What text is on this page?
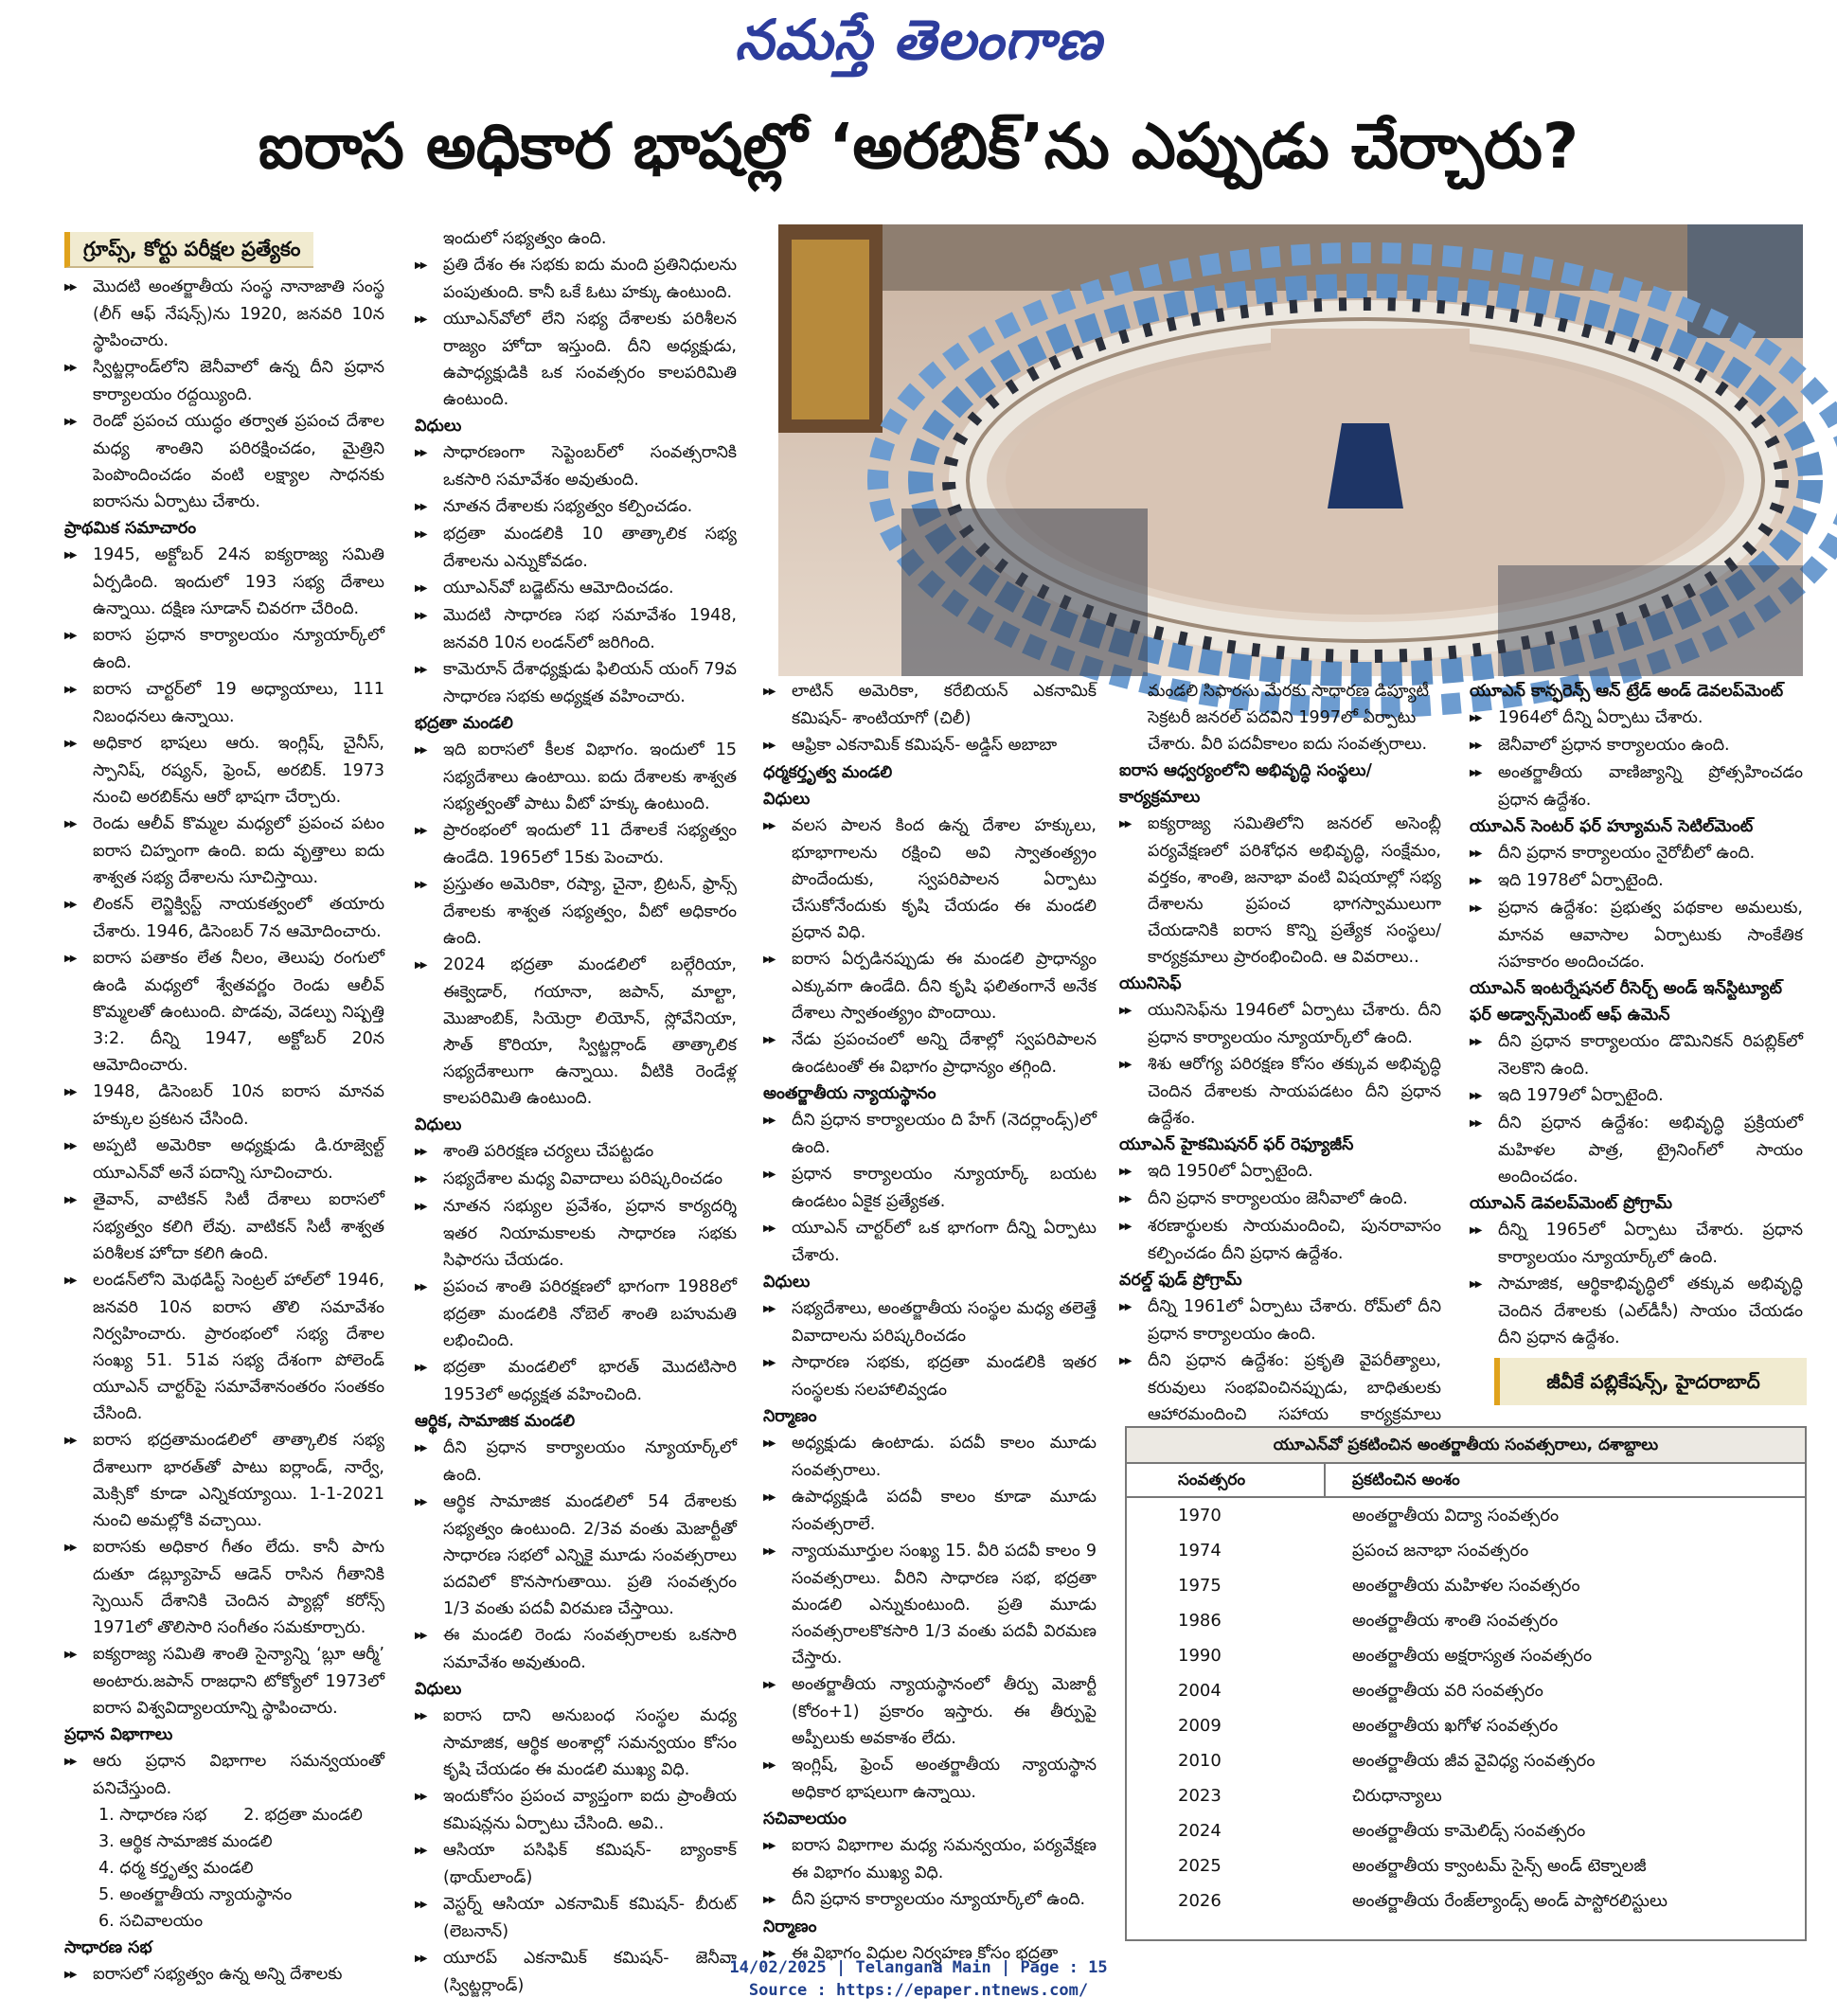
నమస్తే తెలంగాణ
ఐరాస అధికార భాషల్లో ‘అరబిక్’ను ఎప్పుడు చేర్చారు?
గ్రూప్స్, కోర్టు పరీక్షల ప్రత్యేకం

▶▶ మొదటి అంతర్జాతీయ సంస్థ నానాజాతి సంస్థ (లీగ్ ఆఫ్ నేషన్స్)ను 1920, జనవరి 10న స్థాపించారు.

▶▶ స్విట్జర్లాండ్‌లోని జెనీవాలో ఉన్న దీని ప్రధాన కార్యాలయం రద్దయ్యింది.

▶▶ రెండో ప్రపంచ యుద్ధం తర్వాత ప్రపంచ దేశాల మధ్య శాంతిని పరిరక్షించడం, మైత్రిని పెంపొందించడం వంటి లక్ష్యాల సాధనకు ఐరాసను ఏర్పాటు చేశారు.

ప్రాథమిక సమాచారం

▶▶ 1945, అక్టోబర్ 24న ఐక్యరాజ్య సమితి ఏర్పడింది. ఇందులో 193 సభ్య దేశాలు ఉన్నాయి. దక్షిణ సూడాన్ చివరగా చేరింది.

▶▶ ఐరాస ప్రధాన కార్యాలయం న్యూయార్క్‌లో ఉంది.

▶▶ ఐరాస చార్టర్‌లో 19 అధ్యాయాలు, 111 నిబంధనలు ఉన్నాయి.

▶▶ అధికార భాషలు ఆరు. ఇంగ్లిష్, చైనీస్, స్పానిష్, రష్యన్, ఫ్రెంచ్, అరబిక్. 1973 నుంచి అరబిక్‌ను ఆరో భాషగా చేర్చారు.

▶▶ రెండు ఆలీవ్ కొమ్మల మధ్యలో ప్రపంచ పటం ఐరాస చిహ్నంగా ఉంది. ఐదు వృత్తాలు ఐదు శాశ్వత సభ్య దేశాలను సూచిస్తాయి.

▶▶ లింకన్ లెన్జిక్విస్ట్ నాయకత్వంలో తయారు చేశారు. 1946, డిసెంబర్ 7న ఆమోదించారు.

▶▶ ఐరాస పతాకం లేత నీలం, తెలుపు రంగులో ఉండి మధ్యలో శ్వేతవర్ణం రెండు ఆలీవ్ కొమ్మలతో ఉంటుంది. పొడవు, వెడల్పు నిష్పత్తి 3:2. దీన్ని 1947, అక్టోబర్ 20న ఆమోదించారు.

▶▶ 1948, డిసెంబర్ 10న ఐరాస మానవ హక్కుల ప్రకటన చేసింది.

▶▶ అప్పటి అమెరికా అధ్యక్షుడు డి.రూజ్వెల్ట్ యూఎన్‌వో అనే పదాన్ని సూచించారు.

▶▶ తైవాన్, వాటికన్ సిటీ దేశాలు ఐరాసలో సభ్యత్వం కలిగి లేవు. వాటికన్ సిటీ శాశ్వత పరిశీలక హోదా కలిగి ఉంది.

▶▶ లండన్‌లోని మెథడిస్ట్ సెంట్రల్ హాల్‌లో 1946, జనవరి 10న ఐరాస తొలి సమావేశం నిర్వహించారు. ప్రారంభంలో సభ్య దేశాల సంఖ్య 51. 51వ సభ్య దేశంగా పోలెండ్ యూఎన్ చార్టర్‌పై సమావేశానంతరం సంతకం చేసింది.

▶▶ ఐరాస భద్రతామండలిలో తాత్కాలిక సభ్య దేశాలుగా భారత్‌తో పాటు ఐర్లాండ్, నార్వే, మెక్సికో కూడా ఎన్నికయ్యాయి. 1-1-2021 నుంచి అమల్లోకి వచ్చాయి.

▶▶ ఐరాసకు అధికార గీతం లేదు. కానీ పాగు దుతూ డబ్ల్యూహెచ్ ఆడెన్ రాసిన గీతానికి స్పెయిన్ దేశానికి చెందిన ప్యాబ్లో కరోన్స్ 1971లో తొలిసారి సంగీతం సమకూర్చారు.

▶▶ ఐక్యరాజ్య సమితి శాంతి సైన్యాన్ని ‘బ్లూ ఆర్మీ’ అంటారు.జపాన్ రాజధాని టోక్యోలో 1973లో ఐరాస విశ్వవిద్యాలయాన్ని స్థాపించారు.

ప్రధాన విభాగాలు

▶▶ ఆరు ప్రధాన విభాగాల సమన్వయంతో పనిచేస్తుంది.

1. సాధారణ సభ       2. భద్రతా మండలి

3. ఆర్థిక సామాజిక మండలి

4. ధర్మ కర్తృత్వ మండలి

5. అంతర్జాతీయ న్యాయస్థానం

6. సచివాలయం

సాధారణ సభ

▶▶ ఐరాసలో సభ్యత్వం ఉన్న అన్ని దేశాలకు

ఇందులో సభ్యత్వం ఉంది.

▶▶ ప్రతి దేశం ఈ సభకు ఐదు మంది ప్రతినిధులను పంపుతుంది. కానీ ఒకే ఓటు హక్కు ఉంటుంది.

▶▶ యూఎన్‌వోలో లేని సభ్య దేశాలకు పరిశీలన రాజ్యం హోదా ఇస్తుంది. దీని అధ్యక్షుడు, ఉపాధ్యక్షుడికి ఒక సంవత్సరం కాలపరిమితి ఉంటుంది.

విధులు

▶▶ సాధారణంగా సెప్టెంబర్‌లో సంవత్సరానికి ఒకసారి సమావేశం అవుతుంది.

▶▶ నూతన దేశాలకు సభ్యత్వం కల్పించడం.

▶▶ భద్రతా మండలికి 10 తాత్కాలిక సభ్య దేశాలను ఎన్నుకోవడం.

▶▶ యూఎన్‌వో బడ్జెట్‌ను ఆమోదించడం.

▶▶ మొదటి సాధారణ సభ సమావేశం 1948, జనవరి 10న లండన్‌లో జరిగింది.

▶▶ కామెరూన్ దేశాధ్యక్షుడు ఫిలియన్ యంగ్ 79వ సాధారణ సభకు అధ్యక్షత వహించారు.

భద్రతా మండలి

▶▶ ఇది ఐరాసలో కీలక విభాగం. ఇందులో 15 సభ్యదేశాలు ఉంటాయి. ఐదు దేశాలకు శాశ్వత సభ్యత్వంతో పాటు వీటో హక్కు ఉంటుంది.

▶▶ ప్రారంభంలో ఇందులో 11 దేశాలకే సభ్యత్వం ఉండేది. 1965లో 15కు పెంచారు.

▶▶ ప్రస్తుతం అమెరికా, రష్యా, చైనా, బ్రిటన్, ఫ్రాన్స్ దేశాలకు శాశ్వత సభ్యత్వం, వీటో అధికారం ఉంది.

▶▶ 2024 భద్రతా మండలిలో బల్గేరియా, ఈక్వెడార్, గయానా, జపాన్, మాల్టా, మొజాంబిక్, సియెర్రా లియోన్, స్లోవేనియా, సౌత్ కొరియా, స్విట్జర్లాండ్ తాత్కాలిక సభ్యదేశాలుగా ఉన్నాయి. వీటికి రెండేళ్ల కాలపరిమితి ఉంటుంది.

విధులు

▶▶ శాంతి పరిరక్షణ చర్యలు చేపట్టడం

▶▶ సభ్యదేశాల మధ్య వివాదాలు పరిష్కరించడం

▶▶ నూతన సభ్యుల ప్రవేశం, ప్రధాన కార్యదర్శి ఇతర నియామకాలకు సాధారణ సభకు సిఫారసు చేయడం.

▶▶ ప్రపంచ శాంతి పరిరక్షణలో భాగంగా 1988లో భద్రతా మండలికి నోబెల్ శాంతి బహుమతి లభించింది.

▶▶ భద్రతా మండలిలో భారత్ మొదటిసారి 1953లో అధ్యక్షత వహించింది.

ఆర్థిక, సామాజిక మండలి

▶▶ దీని ప్రధాన కార్యాలయం న్యూయార్క్‌లో ఉంది.

▶▶ ఆర్థిక సామాజిక మండలిలో 54 దేశాలకు సభ్యత్వం ఉంటుంది. 2/3వ వంతు మెజార్టీతో సాధారణ సభలో ఎన్నికై మూడు సంవత్సరాలు పదవిలో కొనసాగుతాయి. ప్రతి సంవత్సరం 1/3 వంతు పదవీ విరమణ చేస్తాయి.

▶▶ ఈ మండలి రెండు సంవత్సరాలకు ఒకసారి సమావేశం అవుతుంది.

విధులు

▶▶ ఐరాస దాని అనుబంధ సంస్థల మధ్య సామాజిక, ఆర్థిక అంశాల్లో సమన్వయం కోసం కృషి చేయడం ఈ మండలి ముఖ్య విధి.

▶▶ ఇందుకోసం ప్రపంచ వ్యాప్తంగా ఐదు ప్రాంతీయ కమిషన్లను ఏర్పాటు చేసింది. అవి..

▶▶ ఆసియా పసిఫిక్ కమిషన్- బ్యాంకాక్ (థాయ్‌లాండ్)

▶▶ వెస్టర్న్ ఆసియా ఎకనామిక్ కమిషన్- బీరుట్ (లెబనాన్)

▶▶ యూరప్ ఎకనామిక్ కమిషన్- జెనీవా (స్విట్జర్లాండ్)

▶▶ లాటిన్ అమెరికా, కరేబియన్ ఎకనామిక్ కమిషన్- శాంటియాగో (చిలీ)

▶▶ ఆఫ్రికా ఎకనామిక్ కమిషన్- అడ్డిస్ అబాబా

ధర్మకర్తృత్వ మండలి

విధులు

▶▶ వలస పాలన కింద ఉన్న దేశాల హక్కులు, భూభాగాలను రక్షించి అవి స్వాతంత్య్రం పొందేందుకు, స్వపరిపాలన ఏర్పాటు చేసుకోనేందుకు కృషి చేయడం ఈ మండలి ప్రధాన విధి.

▶▶ ఐరాస ఏర్పడినప్పుడు ఈ మండలి ప్రాధాన్యం ఎక్కువగా ఉండేది. దీని కృషి ఫలితంగానే అనేక దేశాలు స్వాతంత్య్రం పొందాయి.

▶▶ నేడు ప్రపంచంలో అన్ని దేశాల్లో స్వపరిపాలన ఉండటంతో ఈ విభాగం ప్రాధాన్యం తగ్గింది.

అంతర్జాతీయ న్యాయస్థానం

▶▶ దీని ప్రధాన కార్యాలయం ది హేగ్ (నెదర్లాండ్స్)లో ఉంది.

▶▶ ప్రధాన కార్యాలయం న్యూయార్క్ బయట ఉండటం ఏకైక ప్రత్యేకత.

▶▶ యూఎన్ చార్టర్‌లో ఒక భాగంగా దీన్ని ఏర్పాటు చేశారు.

విధులు

▶▶ సభ్యదేశాలు, అంతర్జాతీయ సంస్థల మధ్య తలెత్తే వివాదాలను పరిష్కరించడం

▶▶ సాధారణ సభకు, భద్రతా మండలికి ఇతర సంస్థలకు సలహాలివ్వడం

నిర్మాణం

▶▶ అధ్యక్షుడు ఉంటాడు. పదవీ కాలం మూడు సంవత్సరాలు.

▶▶ ఉపాధ్యక్షుడి పదవీ కాలం కూడా మూడు సంవత్సరాలే.

▶▶ న్యాయమూర్తుల సంఖ్య 15. వీరి పదవీ కాలం 9 సంవత్సరాలు. వీరిని సాధారణ సభ, భద్రతా మండలి ఎన్నుకుంటుంది. ప్రతి మూడు సంవత్సరాలకొకసారి 1/3 వంతు పదవీ విరమణ చేస్తారు.

▶▶ అంతర్జాతీయ న్యాయస్థానంలో తీర్పు మెజార్టీ (కోరం+1) ప్రకారం ఇస్తారు. ఈ తీర్పుపై అప్పీలుకు అవకాశం లేదు.

▶▶ ఇంగ్లిష్, ఫ్రెంచ్ అంతర్జాతీయ న్యాయస్థాన అధికార భాషలుగా ఉన్నాయి.

సచివాలయం

▶▶ ఐరాస విభాగాల మధ్య సమన్వయం, పర్యవేక్షణ ఈ విభాగం ముఖ్య విధి.

▶▶ దీని ప్రధాన కార్యాలయం న్యూయార్క్‌లో ఉంది.

నిర్మాణం

▶▶ ఈ విభాగం విధుల నిర్వహణ కోసం భద్రతా

మండలి సిఫారసు మేరకు సాధారణ డిప్యూటీ సెక్రటరీ జనరల్ పదవిని 1997లో ఏర్పాటు చేశారు. వీరి పదవీకాలం ఐదు సంవత్సరాలు.

ఐరాస ఆధ్వర్యంలోని అభివృద్ధి సంస్థలు/కార్యక్రమాలు

▶▶ ఐక్యరాజ్య సమితిలోని జనరల్ అసెంబ్లీ పర్యవేక్షణలో పరిశోధన అభివృద్ధి, సంక్షేమం, వర్తకం, శాంతి, జనాభా వంటి విషయాల్లో సభ్య దేశాలను ప్రపంచ భాగస్వాములుగా చేయడానికి ఐరాస కొన్ని ప్రత్యేక సంస్థలు/కార్యక్రమాలు ప్రారంభించింది. ఆ వివరాలు..

యునిసెఫ్

▶▶ యునిసెఫ్‌ను 1946లో ఏర్పాటు చేశారు. దీని ప్రధాన కార్యాలయం న్యూయార్క్‌లో ఉంది.

▶▶ శిశు ఆరోగ్య పరిరక్షణ కోసం తక్కువ అభివృద్ధి చెందిన దేశాలకు సాయపడటం దీని ప్రధాన ఉద్దేశం.

యూఎన్ హైకమిషనర్ ఫర్ రెఫ్యూజీస్

▶▶ ఇది 1950లో ఏర్పాటైంది.

▶▶ దీని ప్రధాన కార్యాలయం జెనీవాలో ఉంది.

▶▶ శరణార్థులకు సాయమందించి, పునరావాసం కల్పించడం దీని ప్రధాన ఉద్దేశం.

వరల్డ్ ఫుడ్ ప్రోగ్రామ్

▶▶ దీన్ని 1961లో ఏర్పాటు చేశారు. రోమ్‌లో దీని ప్రధాన కార్యాలయం ఉంది.

▶▶ దీని ప్రధాన ఉద్దేశం: ప్రకృతి వైపరీత్యాలు, కరువులు సంభవించినప్పుడు, బాధితులకు ఆహారమందించి సహాయ కార్యక్రమాలు

యూఎన్ కాన్ఫరెన్స్ ఆన్ ట్రేడ్ అండ్ డెవలప్‌మెంట్

▶▶ 1964లో దీన్ని ఏర్పాటు చేశారు.

▶▶ జెనీవాలో ప్రధాన కార్యాలయం ఉంది.

▶▶ అంతర్జాతీయ వాణిజ్యాన్ని ప్రోత్సహించడం ప్రధాన ఉద్దేశం.

యూఎన్ సెంటర్ ఫర్ హ్యూమన్ సెటిల్‌మెంట్

▶▶ దీని ప్రధాన కార్యాలయం నైరోబీలో ఉంది.

▶▶ ఇది 1978లో ఏర్పాటైంది.

▶▶ ప్రధాన ఉద్దేశం: ప్రభుత్వ పథకాల అమలుకు, మానవ ఆవాసాల ఏర్పాటుకు సాంకేతిక సహకారం అందించడం.

యూఎన్ ఇంటర్నేషనల్ రీసెర్చ్ అండ్ ఇన్‌స్టిట్యూట్ ఫర్ అడ్వాన్స్‌మెంట్ ఆఫ్ ఉమెన్

▶▶ దీని ప్రధాన కార్యాలయం డొమినికన్ రిపబ్లిక్‌లో నెలకొని ఉంది.

▶▶ ఇది 1979లో ఏర్పాటైంది.

▶▶ దీని ప్రధాన ఉద్దేశం: అభివృద్ధి ప్రక్రియలో మహిళల పాత్ర, ట్రైనింగ్‌లో సాయం అందించడం.

యూఎన్ డెవలప్‌మెంట్ ప్రోగ్రామ్

▶▶ దీన్ని 1965లో ఏర్పాటు చేశారు. ప్రధాన కార్యాలయం న్యూయార్క్‌లో ఉంది.

▶▶ సామాజిక, ఆర్థికాభివృద్ధిలో తక్కువ అభివృద్ధి చెందిన దేశాలకు (ఎల్‌డీసీ) సాయం చేయడం దీని ప్రధాన ఉద్దేశం.

జీవీకే పబ్లికేషన్స్, హైదరాబాద్
యూఎన్‌వో ప్రకటించిన అంతర్జాతీయ సంవత్సరాలు, దశాబ్దాలు
సంవత్సరం	ప్రకటించిన అంశం
1970	అంతర్జాతీయ విద్యా సంవత్సరం
1974	ప్రపంచ జనాభా సంవత్సరం
1975	అంతర్జాతీయ మహిళల సంవత్సరం
1986	అంతర్జాతీయ శాంతి సంవత్సరం
1990	అంతర్జాతీయ అక్షరాస్యత సంవత్సరం
2004	అంతర్జాతీయ వరి సంవత్సరం
2009	అంతర్జాతీయ ఖగోళ సంవత్సరం
2010	అంతర్జాతీయ జీవ వైవిధ్య సంవత్సరం
2023	చిరుధాన్యాలు
2024	అంతర్జాతీయ కామెలిడ్స్ సంవత్సరం
2025	అంతర్జాతీయ క్వాంటమ్ సైన్స్ అండ్ టెక్నాలజీ
2026	అంతర్జాతీయ రేంజ్‌ల్యాండ్స్ అండ్ పాస్టోరలిస్టులు
14/02/2025 | Telangana Main | Page : 15
Source : https://epaper.ntnews.com/
